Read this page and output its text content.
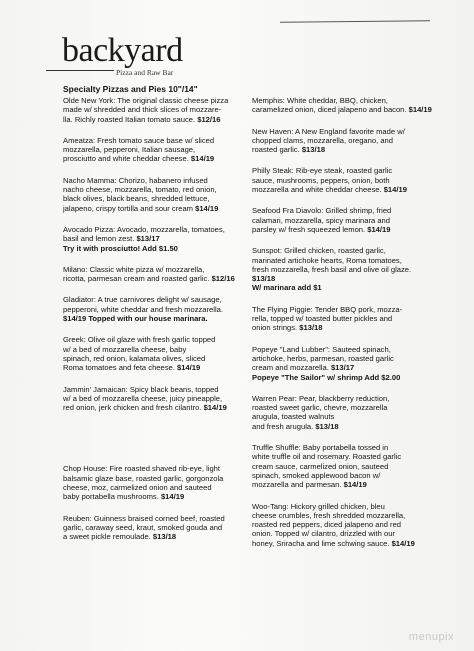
backyard
Pizza and Raw Bar
Specialty Pizzas and Pies 10"/14"

Olde New York: The original classic cheese pizza
made w/ shredded and thick slices of mozzare-
lla. Richly roasted Italian tomato sauce. $12/16

Ameatza: Fresh tomato sauce base w/ sliced
mozzarella, pepperoni, Italian sausage,
prosciutto and white cheddar cheese. $14/19

Nacho Mamma: Chorizo, habanero infused
nacho cheese, mozzarella, tomato, red onion,
black olives, black beans, shredded lettuce,
jalapeno, crispy tortilla and sour cream $14/19

Avocado Pizza: Avocado, mozzarella, tomatoes,
basil and lemon zest. $13/17
Try it with prosciutto! Add $1.50

Milano: Classic white pizza w/ mozzarella,
ricotta, parmesan cream and roasted garlic. $12/16

Gladiator: A true carnivores delight w/ sausage,
pepperoni, white cheddar and fresh mozzarella. $14/19 Topped with our house marinara.

Greek: Olive oil glaze with fresh garlic topped
w/ a bed of mozzarella cheese, baby
spinach, red onion, kalamata olives, sliced
Roma tomatoes and feta cheese. $14/19

Jammin' Jamaican: Spicy black beans, topped
w/ a bed of mozzarella cheese, juicy pineapple,
red onion, jerk chicken and fresh cilantro. $14/19

Chop House: Fire roasted shaved rib-eye, light
balsamic glaze base, roasted garlic, gorgonzola
cheese, moz, carmelized onion and sauteed
baby portabella mushrooms. $14/19

Reuben: Guinness braised corned beef, roasted
garlic, caraway seed, kraut, smoked gouda and
a sweet pickle remoulade. $13/18

Memphis: White cheddar, BBQ, chicken,
caramelized onion, diced jalapeno and bacon. $14/19

New Haven: A New England favorite made w/
chopped clams, mozzarella, oregano, and
roasted garlic. $13/18

Philly Steak: Rib-eye steak, roasted garlic
sauce, mushrooms, peppers, onion, both
mozzarella and white cheddar cheese. $14/19

Seafood Fra Diavolo: Grilled shrimp, fried
calamari, mozzarella, spicy marinara and
parsley w/ fresh squeezed lemon. $14/19

Sunspot: Grilled chicken, roasted garlic,
marinated artichoke hearts, Roma tomatoes,
fresh mozzarella, fresh basil and olive oil glaze. $13/18
W/ marinara add $1

The Flying Piggie: Tender BBQ pork, mozza-
rella, topped w/ toasted butter pickles and
onion strings. $13/18

Popeye "Land Lubber": Sauteed spinach,
artichoke, herbs, parmesan, roasted garlic
cream and mozzarella. $13/17
Popeye "The Sailor" w/ shrimp Add $2.00

Warren Pear: Pear, blackberry reduction,
roasted sweet garlic, chevre, mozzarella
arugula, toasted walnuts
and fresh arugula. $13/18

Truffle Shuffle: Baby portabella tossed in
white truffle oil and rosemary. Roasted garlic
cream sauce, carmelized onion, sauteed
spinach, smoked applewood bacon w/
mozzarella and parmesan. $14/19

Woo-Tang: Hickory grilled chicken, bleu
cheese crumbles, fresh shredded mozzarella,
roasted red peppers, diced jalapeno and red
onion. Topped w/ cilantro, drizzled with our
honey, Sriracha and lime schwing sauce. $14/19

menupix
